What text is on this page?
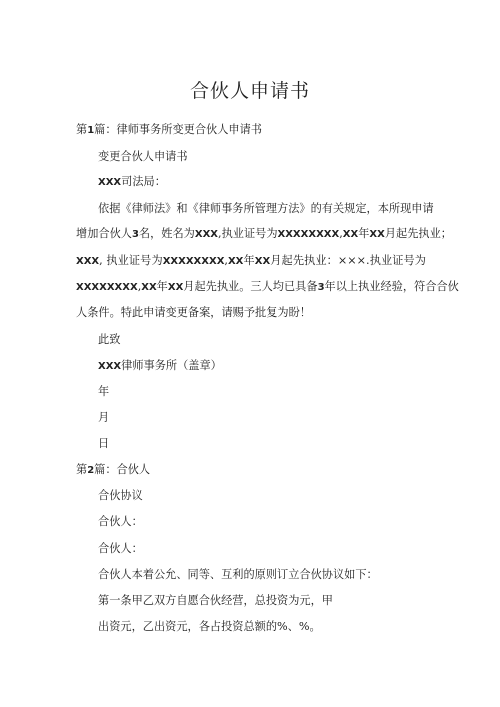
合伙人申请书
第1篇：律师事务所变更合伙人申请书
变更合伙人申请书
XXX司法局：
依据《律师法》和《律师事务所管理方法》的有关规定，本所现申请
增加合伙人3名，姓名为XXX,执业证号为XXXXXXXX,XX年XX月起先执业；
XXX, 执业证号为XXXXXXXX,XX年XX月起先执业：×××.执业证号为
XXXXXXXX,XX年XX月起先执业。三人均已具备3年以上执业经验，符合合伙
人条件。特此申请变更备案，请赐予批复为盼！
此致
XXX律师事务所（盖章）
年
月
日
第2篇：合伙人
合伙协议
合伙人：
合伙人：
合伙人本着公允、同等、互利的原则订立合伙协议如下：
第一条甲乙双方自愿合伙经营，总投资为元，甲
出资元，乙出资元，各占投资总额的%、%。
